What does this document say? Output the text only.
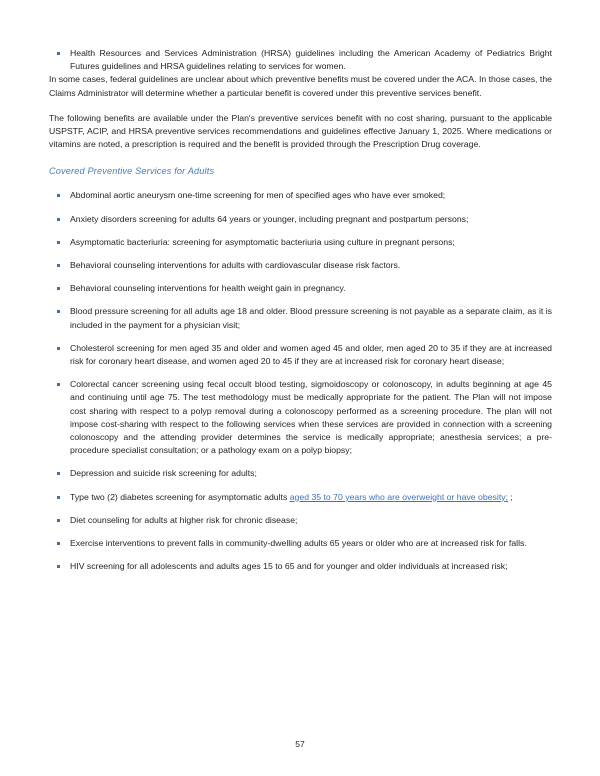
Health Resources and Services Administration (HRSA) guidelines including the American Academy of Pediatrics Bright Futures guidelines and HRSA guidelines relating to services for women.

In some cases, federal guidelines are unclear about which preventive benefits must be covered under the ACA. In those cases, the Claims Administrator will determine whether a particular benefit is covered under this preventive services benefit.

The following benefits are available under the Plan's preventive services benefit with no cost sharing, pursuant to the applicable USPSTF, ACIP, and HRSA preventive services recommendations and guidelines effective January 1, 2025. Where medications or vitamins are noted, a prescription is required and the benefit is provided through the Prescription Drug coverage.

Covered Preventive Services for Adults
Abdominal aortic aneurysm one-time screening for men of specified ages who have ever smoked;
Anxiety disorders screening for adults 64 years or younger, including pregnant and postpartum persons;
Asymptomatic bacteriuria: screening for asymptomatic bacteriuria using culture in pregnant persons;
Behavioral counseling interventions for adults with cardiovascular disease risk factors.
Behavioral counseling interventions for health weight gain in pregnancy.
Blood pressure screening for all adults age 18 and older. Blood pressure screening is not payable as a separate claim, as it is included in the payment for a physician visit;
Cholesterol screening for men aged 35 and older and women aged 45 and older, men aged 20 to 35 if they are at increased risk for coronary heart disease, and women aged 20 to 45 if they are at increased risk for coronary heart disease;
Colorectal cancer screening using fecal occult blood testing, sigmoidoscopy or colonoscopy, in adults beginning at age 45 and continuing until age 75. The test methodology must be medically appropriate for the patient. The Plan will not impose cost sharing with respect to a polyp removal during a colonoscopy performed as a screening procedure. The plan will not impose cost-sharing with respect to the following services when these services are provided in connection with a screening colonoscopy and the attending provider determines the service is medically appropriate; anesthesia services; a pre-procedure specialist consultation; or a pathology exam on a polyp biopsy;
Depression and suicide risk screening for adults;
Type two (2) diabetes screening for asymptomatic adults aged 35 to 70 years who are overweight or have obesity; ;
Diet counseling for adults at higher risk for chronic disease;
Exercise interventions to prevent falls in community-dwelling adults 65 years or older who are at increased risk for falls.
HIV screening for all adolescents and adults ages 15 to 65 and for younger and older individuals at increased risk;
57
